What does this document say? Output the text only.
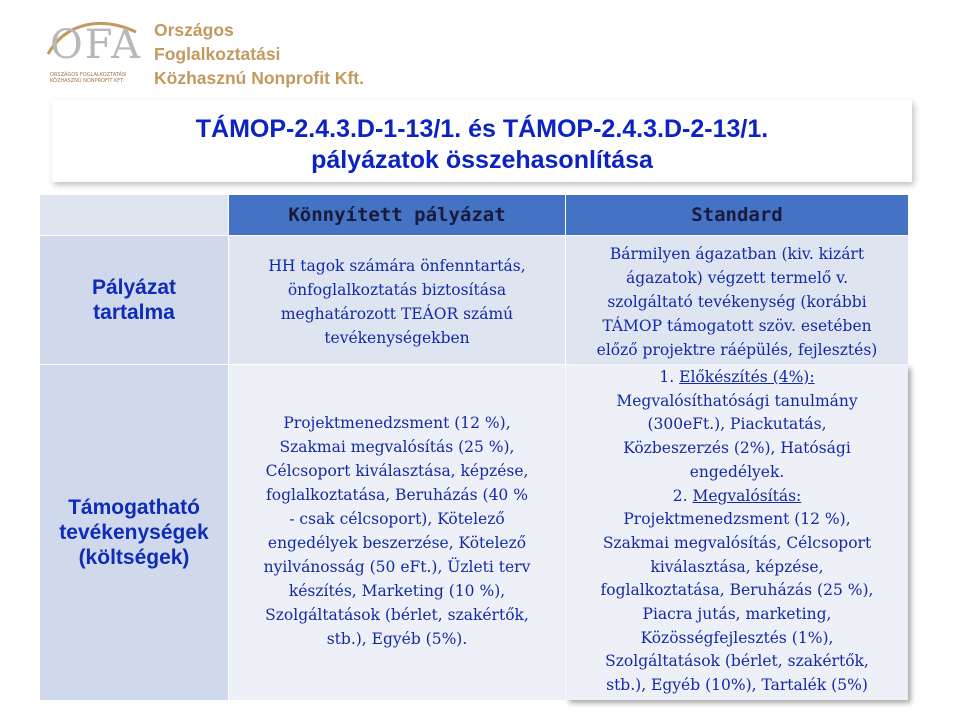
OFA
ORSZÁGOS FOGLALKOZTATÁSI KÖZHASZNÚ NONPROFIT KFT.
Országos
Foglalkoztatási
Közhasznú Nonprofit Kft.
TÁMOP-2.4.3.D-1-13/1. és TÁMOP-2.4.3.D-2-13/1.
pályázatok összehasonlítása
Könnyített pályázat	Standard
Pályázat
tartalma
HH tagok számára önfenntartás,
önfoglalkoztatás biztosítása
meghatározott TEÁOR számú
tevékenységekben
Bármilyen ágazatban (kiv. kizárt
ágazatok) végzett termelő v.
szolgáltató tevékenység (korábbi
TÁMOP támogatott szöv. esetében
előző projektre ráépülés, fejlesztés)
Támogatható
tevékenységek
(költségek)
Projektmenedzsment (12 %),
Szakmai megvalósítás (25 %),
Célcsoport kiválasztása, képzése,
foglalkoztatása, Beruházás (40 %
- csak célcsoport), Kötelező
engedélyek beszerzése, Kötelező
nyilvánosság (50 eFt.), Üzleti terv
készítés, Marketing (10 %),
Szolgáltatások (bérlet, szakértők,
stb.), Egyéb (5%).
1. Előkészítés (4%):
Megvalósíthatósági tanulmány
(300eFt.), Piackutatás,
Közbeszerzés (2%), Hatósági
engedélyek.
2. Megvalósítás:
Projektmenedzsment (12 %),
Szakmai megvalósítás, Célcsoport
kiválasztása, képzése,
foglalkoztatása, Beruházás (25 %),
Piacra jutás, marketing,
Közösségfejlesztés (1%),
Szolgáltatások (bérlet, szakértők,
stb.), Egyéb (10%), Tartalék (5%)
